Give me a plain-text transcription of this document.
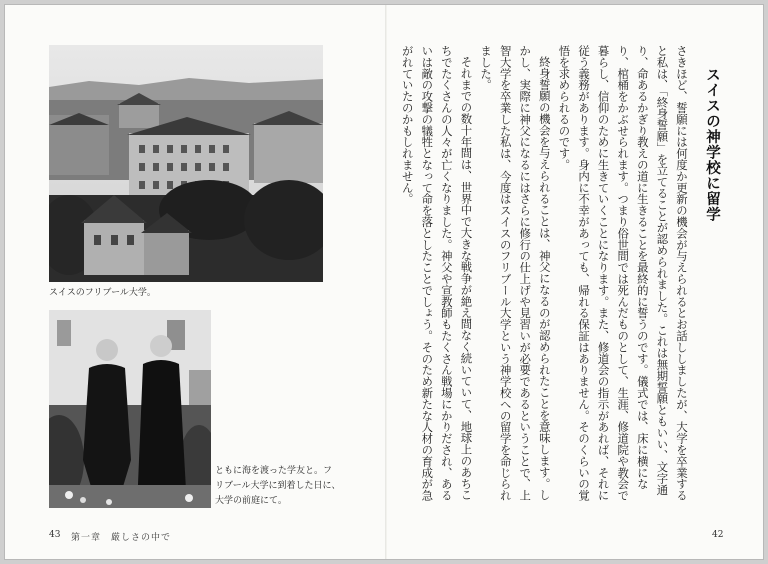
スイスのフリブール大学。
ともに海を渡った学友と。フ
リブール大学に到着した日に、
大学の前庭にて。
43 第一章　厳しさの中で
スイスの神学校に留学

さきほど、誓願には何度か更新の機会が与えられるとお話ししましたが、大学を卒業すると私は、「終身誓願」を立てることが認められました。これは無期誓願ともいい、文字通り、命あるかぎり教えの道に生きることを最終的に誓うのです。儀式では、床に横になり、棺桶をかぶせられます。つまり俗世間では死んだものとして、生涯、修道院や教会で暮らし、信仰のために生きていくことになります。また、修道会の指示があれば、それに従う義務があります。身内に不幸があっても、帰れる保証はありません。そのくらいの覚悟を求められるのです。

終身誓願の機会を与えられることは、神父になるのが認められたことを意味します。しかし、実際に神父になるにはさらに修行の仕上げや見習いが必要であるということで、上智大学を卒業した私は、今度はスイスのフリブール大学という神学校への留学を命じられました。

それまでの数十年間は、世界中で大きな戦争が絶え間なく続いていて、地球上のあちこちでたくさんの人々が亡くなりました。神父や宣教師もたくさん戦場にかりだされ、あるいは敵の攻撃の犠牲となって命を落としたことでしょう。そのため新たな人材の育成が急がれていたのかもしれません。

42
